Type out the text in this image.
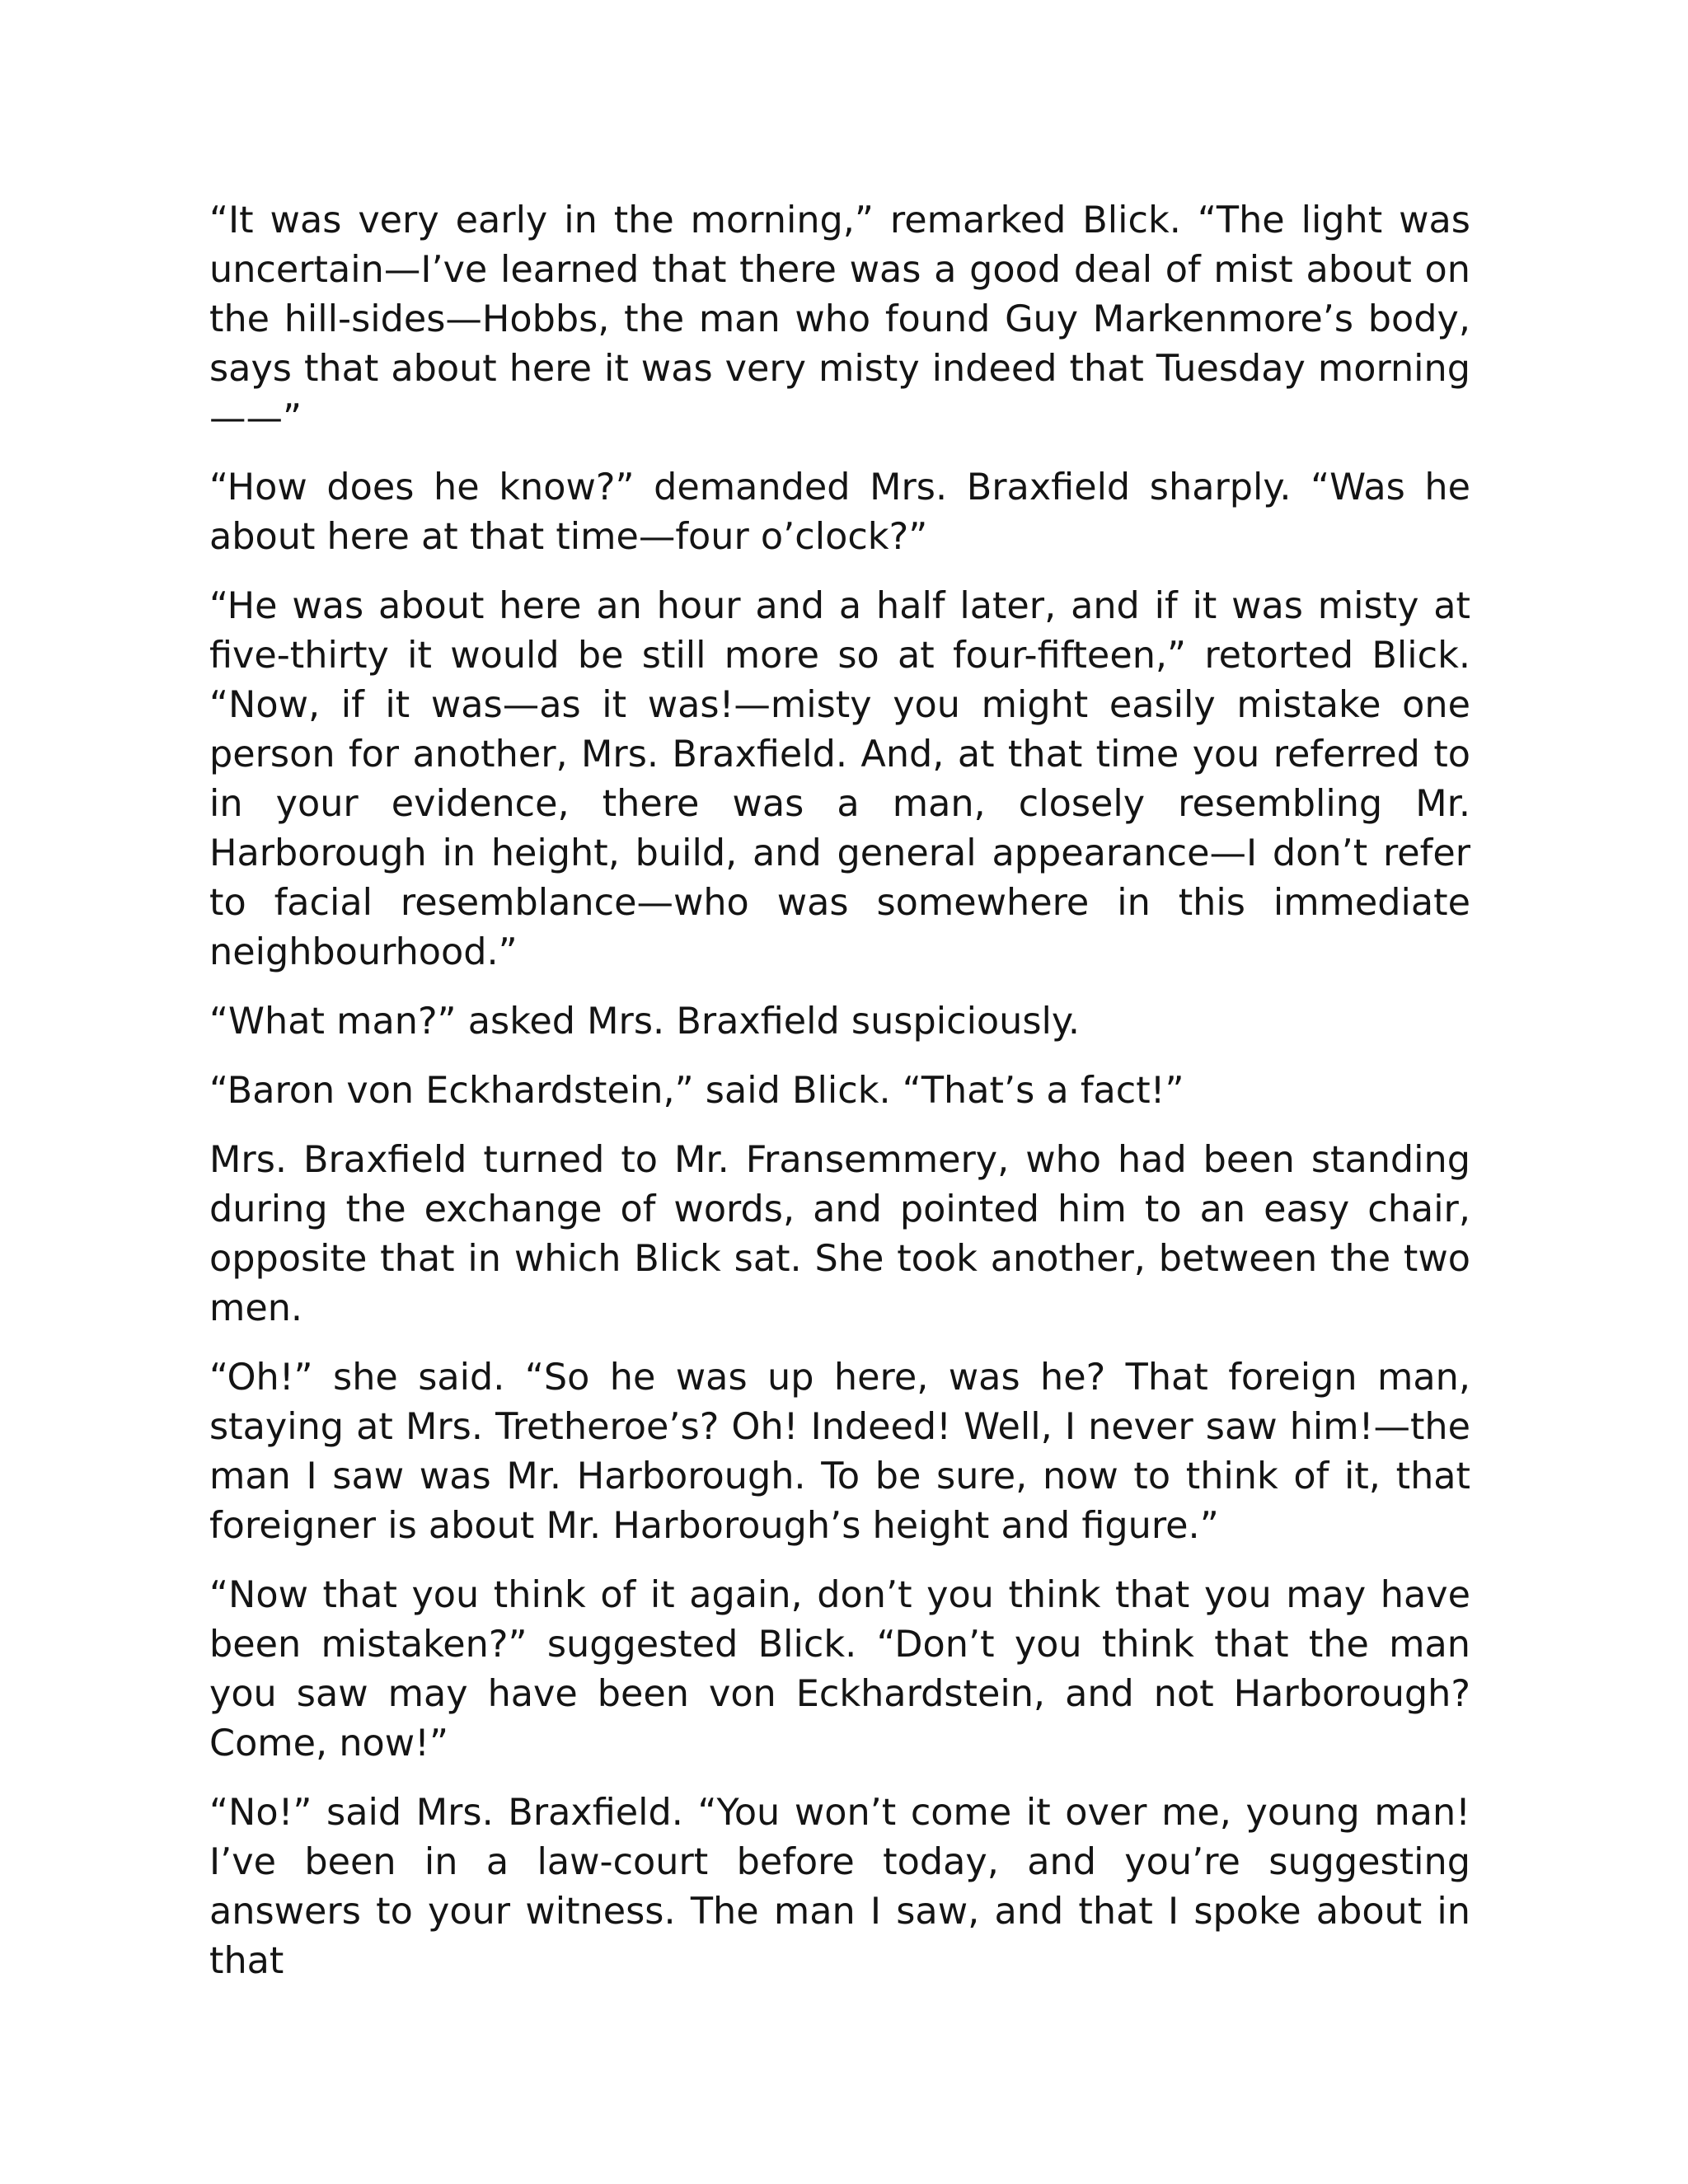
“It was very early in the morning,” remarked Blick. “The light was uncertain—I’ve learned that there was a good deal of mist about on the hill-sides—Hobbs, the man who found Guy Markenmore’s body, says that about here it was very misty indeed that Tuesday morning ——”

“How does he know?” demanded Mrs. Braxfield sharply. “Was he about here at that time—four o’clock?”

“He was about here an hour and a half later, and if it was misty at five-thirty it would be still more so at four-fifteen,” retorted Blick. “Now, if it was—as it was!—misty you might easily mistake one person for another, Mrs. Braxfield. And, at that time you referred to in your evidence, there was a man, closely resembling Mr. Harborough in height, build, and general appearance—I don’t refer to facial resemblance—who was somewhere in this immediate neighbourhood.”

“What man?” asked Mrs. Braxfield suspiciously.

“Baron von Eckhardstein,” said Blick. “That’s a fact!”

Mrs. Braxfield turned to Mr. Fransemmery, who had been standing during the exchange of words, and pointed him to an easy chair, opposite that in which Blick sat. She took another, between the two men.

“Oh!” she said. “So he was up here, was he? That foreign man, staying at Mrs. Tretheroe’s? Oh! Indeed! Well, I never saw him!—the man I saw was Mr. Harborough. To be sure, now to think of it, that foreigner is about Mr. Harborough’s height and figure.”

“Now that you think of it again, don’t you think that you may have been mistaken?” suggested Blick. “Don’t you think that the man you saw may have been von Eckhardstein, and not Harborough? Come, now!”

“No!” said Mrs. Braxfield. “You won’t come it over me, young man! I’ve been in a law-court before today, and you’re suggesting answers to your witness. The man I saw, and that I spoke about in that
